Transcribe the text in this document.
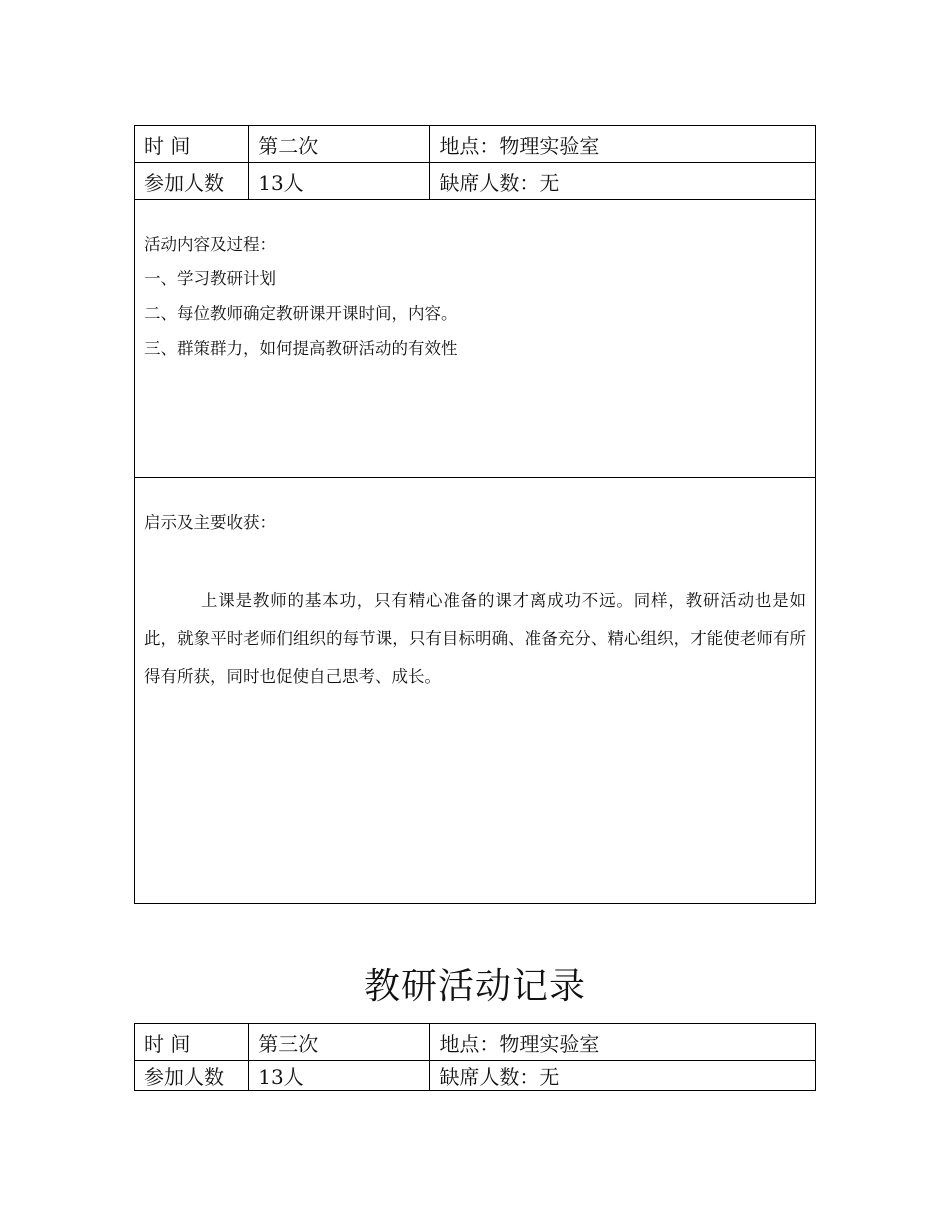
时 间	第二次	地点：物理实验室
参加人数	13人	缺席人数：无

活动内容及过程：
一、学习教研计划
二、每位教师确定教研课开课时间，内容。
三、群策群力，如何提高教研活动的有效性		

启示及主要收获：
上课是教师的基本功，只有精心准备的课才离成功不远。同样，教研活动也是如此，就象平时老师们组织的每节课，只有目标明确、准备充分、精心组织，才能使老师有所得有所获，同时也促使自己思考、成长。		
教研活动记录
时 间	第三次	地点：物理实验室
参加人数	13人	缺席人数：无
